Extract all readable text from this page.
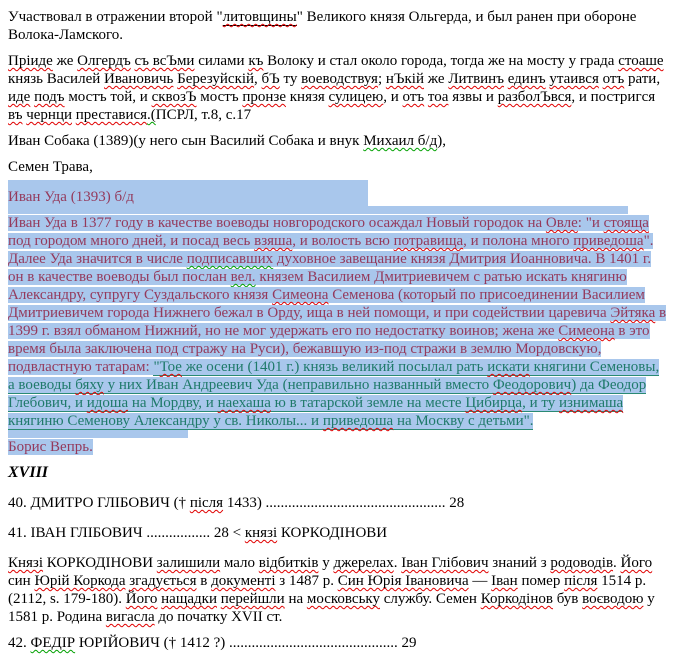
Участвовал в отражении второй "литовщины" Великого князя Ольгерда, и был ранен при обороне Волока-Ламского.

Пріиде же Олгердъ съ всЪми силами къ Волоку и стал около города, тогда же на мосту у града стоаше князь Василей Ивановичь Березуйскій, бЪ ту воеводствуя; нЪкій же Литвинъ единъ утаився отъ рати, иде подъ мостъ той, и сквозЪ мостъ пронзе князя сулицею, и отъ тоа язвы и разболЪвся, и постригся въ чернци преставися.(ПСРЛ, т.8, с.17

Иван Собака (1389)(у него сын Василий Собака и внук Михаил б/д),

Семен Трава,

Иван Уда (1393) б/д

Иван Уда в 1377 году в качестве воеводы новгородского осаждал Новый городок на Овле: "и стояща под городом много дней, и посад весь взяша, и волость всю потравища, и полона много приведоша". Далее Уда значится в числе подписавших духовное завещание князя Дмитрия Иоанновича. В 1401 г. он в качестве воеводы был послан вел. князем Василием Дмитриевичем с ратью искать княгиню Александру, супругу Суздальского князя Симеона Семенова (который по присоединении Василием Дмитриевичем города Нижнего бежал в Орду, ища в ней помощи, и при содействии царевича Эйтяка в 1399 г. взял обманом Нижний, но не мог удержать его по недостатку воинов; жена же Симеона в это время была заключена под стражу на Руси), бежавшую из-под стражи в землю Мордовскую, подвластную татарам: "Тое же осени (1401 г.) князь великий посылал рать искати княгини Семеновы, а воеводы бяху у них Иван Андреевич Уда (неправильно названный вместо Феодорович) да Феодор Глебович, и идоша на Мордву, и наехаша ю в татарской земле на месте Цибирца, и ту изнимаша княгиню Семенову Александру у св. Николы... и приведоша на Москву с детьми".

Борис Вепрь.

XVIII

40. ДМИТРО ГЛІБОВИЧ († після 1433) ................................................ 28

41. ІВАН ГЛІБОВИЧ ................. 28 < князі КОРКОДІНОВИ

Князі КОРКОДІНОВИ залишили мало відбитків у джерелах. Іван Глібович знаний з родоводів. Його син Юрій Коркода згадується в документі з 1487 р. Син Юрія Івановича — Іван помер після 1514 р. (2112, s. 179-180). Його нащадки перейшли на московську службу. Семен Коркодінов був воєводою у 1581 р. Родина вигасла до початку XVII ст.

42. ФЕДІР ЮРІЙОВИЧ († 1412 ?) ............................................. 29
